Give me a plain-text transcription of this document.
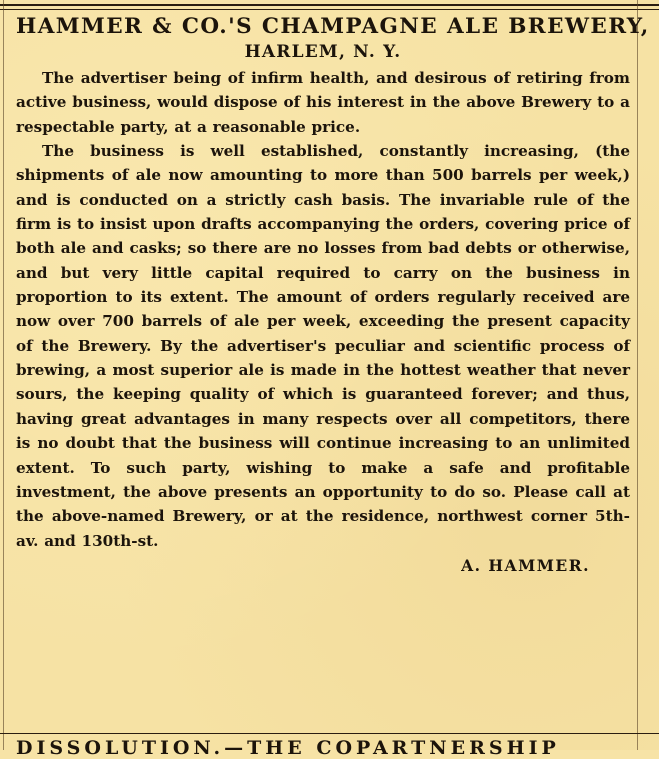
HAMMER & CO.'S CHAMPAGNE ALE BREWERY,
HARLEM, N. Y.

The advertiser being of infirm health, and desirous of retiring from active business, would dispose of his interest in the above Brewery to a respectable party, at a reasonable price.

The business is well established, constantly increasing, (the shipments of ale now amounting to more than 500 barrels per week,) and is conducted on a strictly cash basis. The invariable rule of the firm is to insist upon drafts accompanying the orders, covering price of both ale and casks; so there are no losses from bad debts or otherwise, and but very little capital required to carry on the business in proportion to its extent. The amount of orders regularly received are now over 700 barrels of ale per week, exceeding the present capacity of the Brewery. By the advertiser's peculiar and scientific process of brewing, a most superior ale is made in the hottest weather that never sours, the keeping quality of which is guaranteed forever; and thus, having great advantages in many respects over all competitors, there is no doubt that the business will continue increasing to an unlimited extent. To such party, wishing to make a safe and profitable investment, the above presents an opportunity to do so. Please call at the above-named Brewery, or at the residence, northwest corner 5th-av. and 130th-st.

A. HAMMER.
DISSOLUTION.—THE COPARTNERSHIP
